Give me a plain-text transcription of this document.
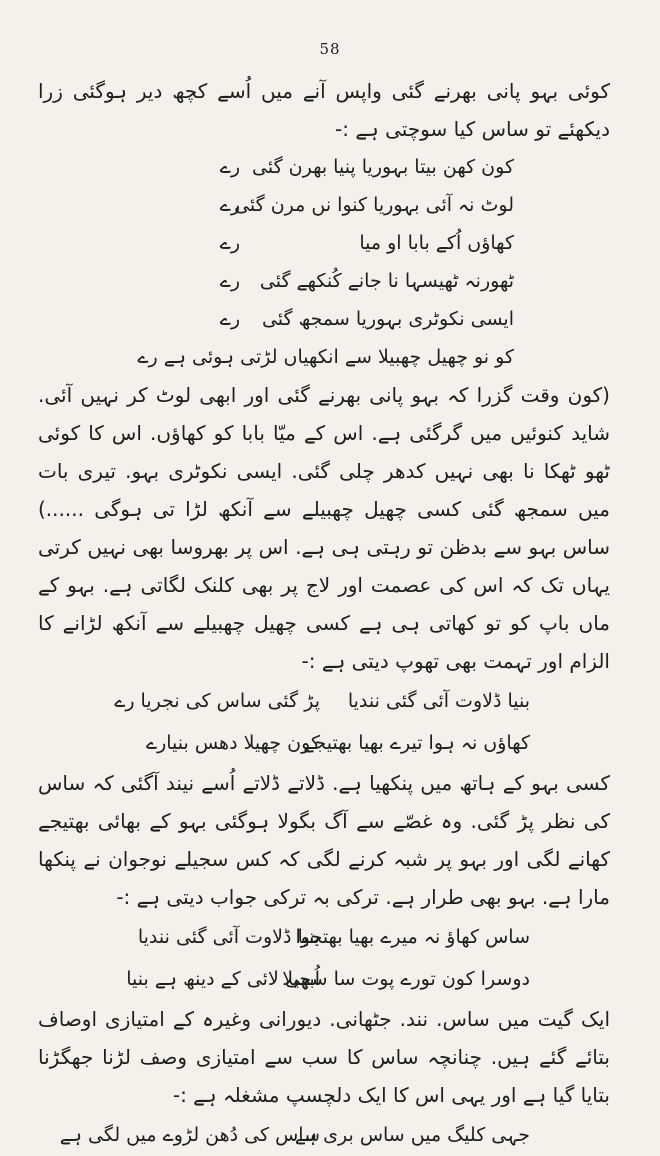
58

کوئی بہو پانی بھرنے گئی واپس آنے میں اُسے کچھ دیر ہوگئی زرا دیکھئے تو ساس کیا سوچتی ہے :-

کون کھن بیتا بہوریا پنیا بھرن گئی
رے
لوٹ نہ آئی بہوریا کنوا نں مرن گئی
رے
کھاؤں اُکے بابا او میا
رے
ٹھورنہ ٹھیسہا نا جانے کُنکھے گئی
رے
ایسی نکوٹری بہوریا سمجھ گئی
رے
کو نو چھیل چھبیلا سے انکھیاں لڑتی ہوئی ہے رے

(کون وقت گزرا کہ بہو پانی بھرنے گئی اور ابھی لوٹ کر نہیں آئی. شاید کنوئیں میں گرگئی ہے. اس کے میّا بابا کو کھاؤں. اس کا کوئی ٹھو ٹھکا نا بھی نہیں کدھر چلی گئی. ایسی نکوٹری بہو. تیری بات میں سمجھ گئی کسی چھیل چھبیلے سے آنکھ لڑا تی ہوگی ......) ساس بہو سے بدظن تو رہتی ہی ہے. اس پر بھروسا بھی نہیں کرتی یہاں تک کہ اس کی عصمت اور لاج پر بھی کلنک لگاتی ہے. بہو کے ماں باپ کو تو کھاتی ہی ہے کسی چھیل چھبیلے سے آنکھ لڑانے کا الزام اور تہمت بھی تھوپ دیتی ہے :-

بنیا ڈلاوت آئی گئی نندیا
پڑ گئی ساس کی نجریا رے
کھاؤں نہ ہوا تیرے بھیا بھتیجے
کون چھیلا دھس بنیارے

کسی بہو کے ہاتھ میں پنکھیا ہے. ڈلاتے ڈلاتے اُسے نیند آگئی کہ ساس کی نظر پڑ گئی. وہ غصّے سے آگ بگولا ہوگئی بہو کے بھائی بھتیجے کھانے لگی اور بہو پر شبہ کرنے لگی کہ کس سجیلے نوجوان نے پنکھا مارا ہے. بہو بھی طرار ہے. ترکی بہ ترکی جواب دیتی ہے :-

ساس کھاؤ نہ میرے بھیا بھتجوا
بنیا ڈلاوت آئی گئی نندیا
دوسرا کون تورے پوت سا سجیلا
اُبھی لائی کے دینھ ہے بنیا

ایک گیت میں ساس. نند. جٹھانی. دیورانی وغیرہ کے امتیازی اوصاف بتائے گئے ہیں. چنانچہ ساس کا سب سے امتیازی وصف لڑنا جھگڑنا بتایا گیا ہے اور یہی اس کا ایک دلچسپ مشغلہ ہے :-

جہی کلیگ میں ساس بری ہے
ساس کی دُھن لڑوے میں لگی ہے
